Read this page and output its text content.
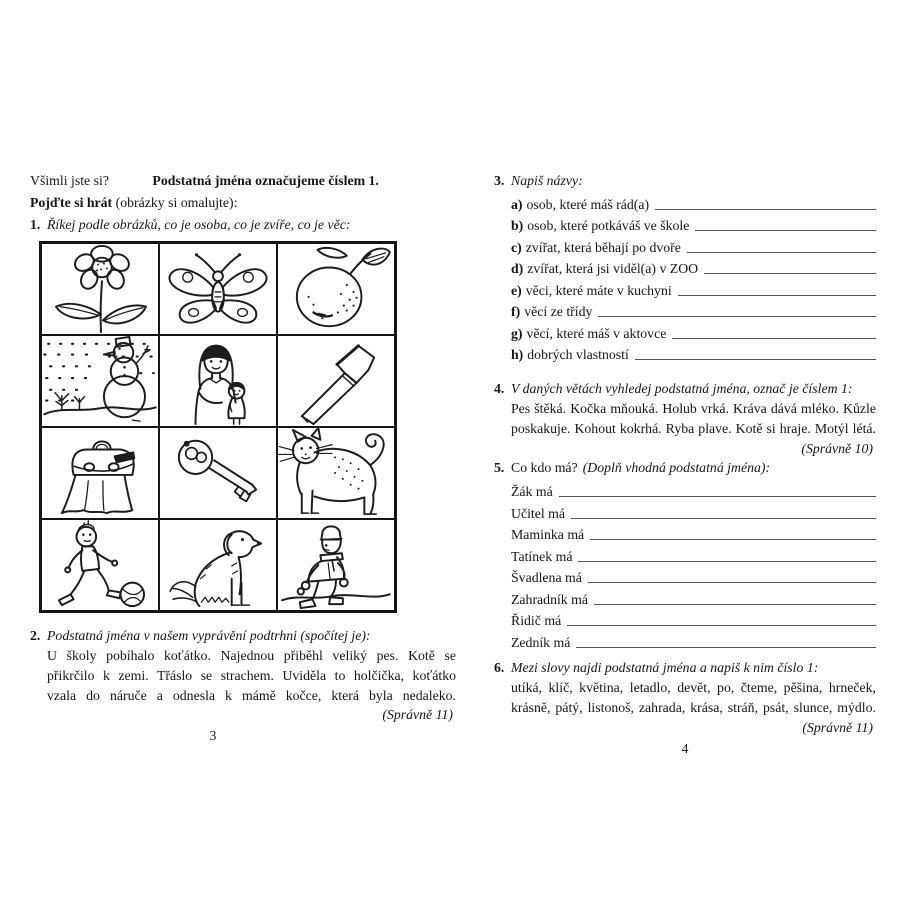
Všimli jste si?	Podstatná jména označujeme číslem 1.
Pojďte si hrát (obrázky si omalujte):
1. Říkej podle obrázků, co je osoba, co je zvíře, co je věc:
2. Podstatná jména v našem vyprávění podtrhni (spočítej je):
U školy pobíhalo koťátko. Najednou přiběhl veliký pes. Kotě se
přikrčilo k zemi. Třáslo se strachem. Uviděla to holčička, koťátko
vzala do náruče a odnesla k mámě kočce, která byla nedaleko.
(Správně 11)
3
3. Napiš názvy:
a) osob, které máš rád(a)
b) osob, které potkáváš ve škole
c) zvířat, která běhají po dvoře
d) zvířat, která jsi viděl(a) v ZOO
e) věci, které máte v kuchyni
f) věcí ze třídy
g) věcí, které máš v aktovce
h) dobrých vlastností
4. V daných větách vyhledej podstatná jména, označ je číslem 1:
Pes štěká. Kočka mňouká. Holub vrká. Kráva dává mléko. Kůzle
poskakuje. Kohout kokrhá. Ryba plave. Kotě si hraje. Motýl létá.
(Správně 10)
5. Co kdo má? (Doplň vhodná podstatná jména):
Žák má
Učitel má
Maminka má
Tatínek má
Švadlena má
Zahradník má
Řidič má
Zedník má
6. Mezi slovy najdi podstatná jména a napiš k nim číslo 1:
utíká, klíč, květina, letadlo, devět, po, čteme, pěšina, hrneček,
krásně, pátý, listonoš, zahrada, krása, stráň, psát, slunce, mýdlo.
(Správně 11)
4
